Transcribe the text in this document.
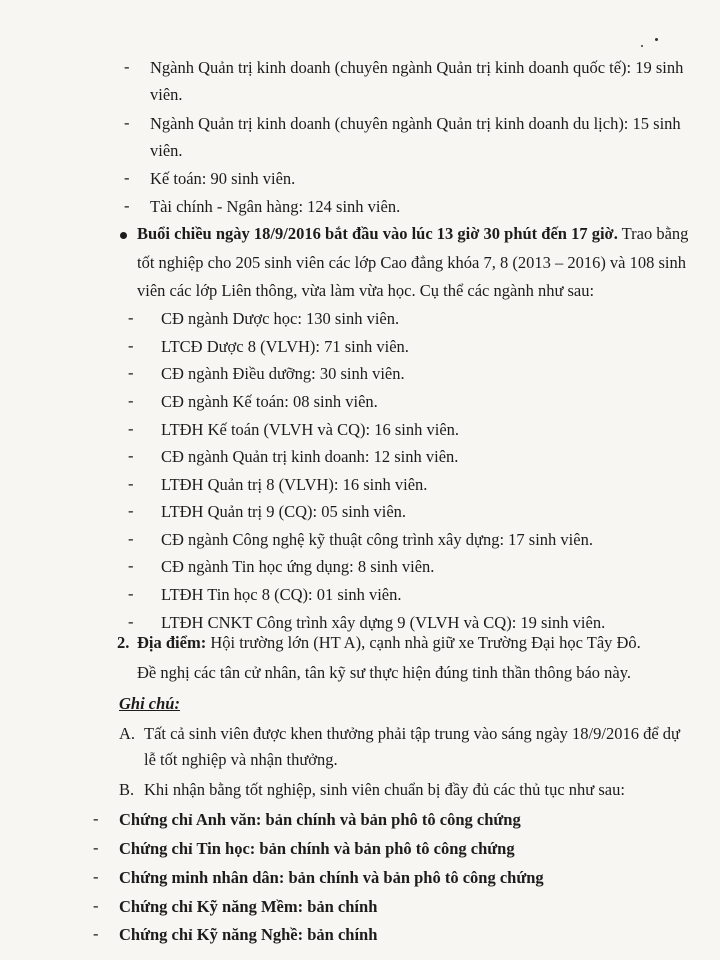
- Ngành Quản trị kinh doanh (chuyên ngành Quản trị kinh doanh quốc tế): 19 sinh
viên.
- Ngành Quản trị kinh doanh (chuyên ngành Quản trị kinh doanh du lịch): 15 sinh
viên.
- Kế toán: 90 sinh viên.
- Tài chính - Ngân hàng: 124 sinh viên.
Buổi chiều ngày 18/9/2016 bắt đầu vào lúc 13 giờ 30 phút đến 17 giờ. Trao bằng
tốt nghiệp cho 205 sinh viên các lớp Cao đẳng khóa 7, 8 (2013 – 2016) và 108 sinh
viên các lớp Liên thông, vừa làm vừa học. Cụ thể các ngành như sau:
- CĐ ngành Dược học: 130 sinh viên.
- LTCĐ Dược 8 (VLVH): 71 sinh viên.
- CĐ ngành Điều dưỡng: 30 sinh viên.
- CĐ ngành Kế toán: 08 sinh viên.
- LTĐH Kế toán (VLVH và CQ): 16 sinh viên.
- CĐ ngành Quản trị kinh doanh: 12 sinh viên.
- LTĐH Quản trị 8 (VLVH): 16 sinh viên.
- LTĐH Quản trị 9 (CQ): 05 sinh viên.
- CĐ ngành Công nghệ kỹ thuật công trình xây dựng: 17 sinh viên.
- CĐ ngành Tin học ứng dụng: 8 sinh viên.
- LTĐH Tin học 8 (CQ): 01 sinh viên.
- LTĐH CNKT Công trình xây dựng 9 (VLVH và CQ): 19 sinh viên.
2. Địa điểm: Hội trường lớn (HT A), cạnh nhà giữ xe Trường Đại học Tây Đô.
Đề nghị các tân cử nhân, tân kỹ sư thực hiện đúng tinh thần thông báo này.
Ghi chú:
A. Tất cả sinh viên được khen thưởng phải tập trung vào sáng ngày 18/9/2016 để dự
lễ tốt nghiệp và nhận thưởng.
B. Khi nhận bằng tốt nghiệp, sinh viên chuẩn bị đầy đủ các thủ tục như sau:
- Chứng chỉ Anh văn: bản chính và bản phô tô công chứng
- Chứng chỉ Tin học: bản chính và bản phô tô công chứng
- Chứng minh nhân dân: bản chính và bản phô tô công chứng
- Chứng chỉ Kỹ năng Mềm: bản chính
- Chứng chỉ Kỹ năng Nghề: bản chính
